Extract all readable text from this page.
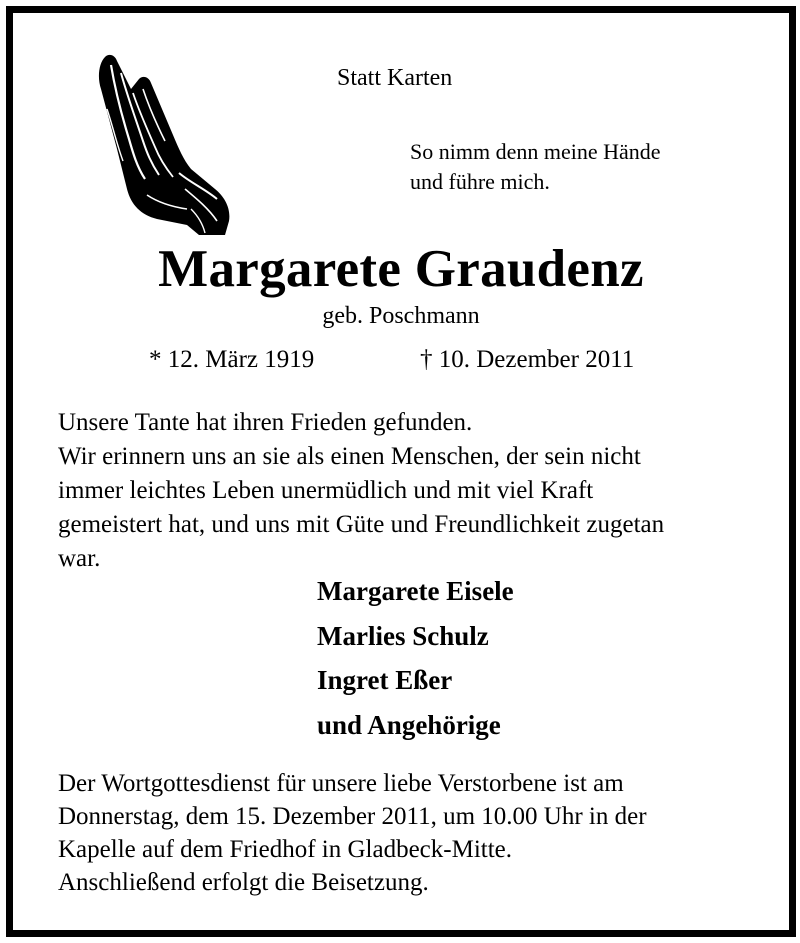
Statt Karten
So nimm denn meine Hände
und führe mich.
Margarete Graudenz
geb. Poschmann
* 12. März 1919	† 10. Dezember 2011
Unsere Tante hat ihren Frieden gefunden.
Wir erinnern uns an sie als einen Menschen, der sein nicht
immer leichtes Leben unermüdlich und mit viel Kraft
gemeistert hat, und uns mit Güte und Freundlichkeit zugetan
war.
Margarete Eisele
Marlies Schulz
Ingret Eßer
und Angehörige
Der Wortgottesdienst für unsere liebe Verstorbene ist am
Donnerstag, dem 15. Dezember 2011, um 10.00 Uhr in der
Kapelle auf dem Friedhof in Gladbeck-Mitte.
Anschließend erfolgt die Beisetzung.
